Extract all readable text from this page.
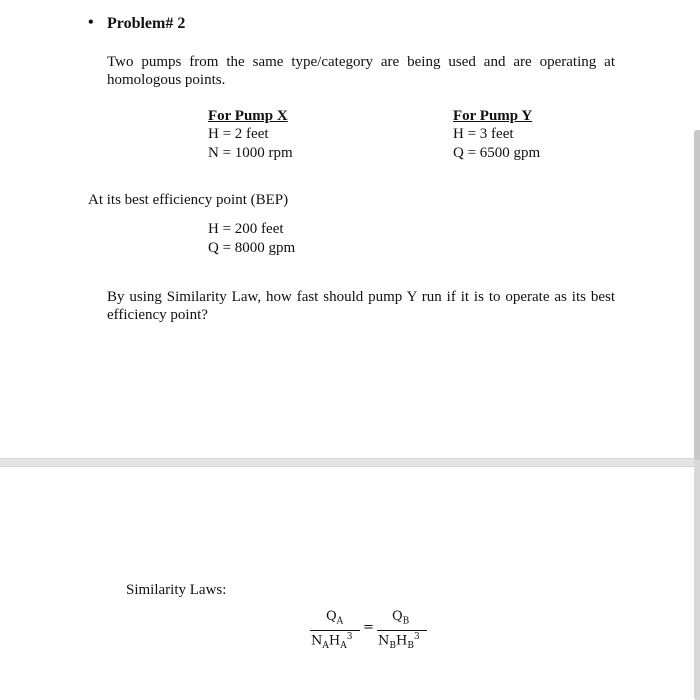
• Problem# 2
Two pumps from the same type/category are being used and are operating at homologous points.
For Pump X
H = 2 feet
N = 1000 rpm
For Pump Y
H = 3 feet
Q = 6500 gpm
At its best efficiency point (BEP)
H = 200 feet
Q = 8000 gpm
By using Similarity Law, how fast should pump Y run if it is to operate as its best efficiency point?
Similarity Laws:
$Q_A$
$N_AH_A^3$
=
$Q_B$
$N_BH_B^3$
